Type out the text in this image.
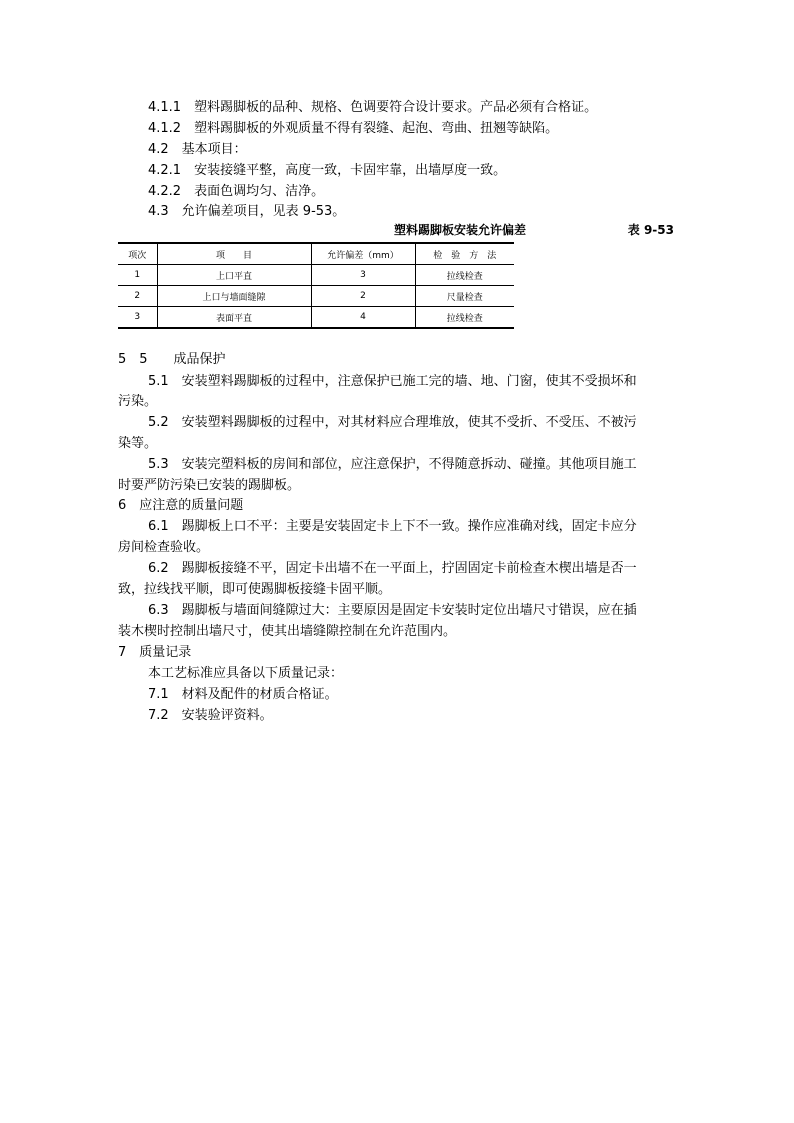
4.1.1　塑料踢脚板的品种、规格、色调要符合设计要求。产品必须有合格证。
4.1.2　塑料踢脚板的外观质量不得有裂缝、起泡、弯曲、扭翘等缺陷。
4.2　基本项目：
4.2.1　安装接缝平整，高度一致，卡固牢靠，出墙厚度一致。
4.2.2　表面色调均匀、洁净。
4.3　允许偏差项目，见表 9-53。
塑料踢脚板安装允许偏差	表 9-53
项次	项　　目	允许偏差（mm）	检　验　方　法
1	上口平直	3	拉线检查
2	上口与墙面缝隙	2	尺量检查
3	表面平直	4	拉线检查
5　5　　成品保护
5.1　安装塑料踢脚板的过程中，注意保护已施工完的墙、地、门窗，使其不受损坏和
污染。
5.2　安装塑料踢脚板的过程中，对其材料应合理堆放，使其不受折、不受压、不被污
染等。
5.3　安装完塑料板的房间和部位，应注意保护，不得随意拆动、碰撞。其他项目施工
时要严防污染已安装的踢脚板。
6　应注意的质量问题
6.1　踢脚板上口不平：主要是安装固定卡上下不一致。操作应准确对线，固定卡应分
房间检查验收。
6.2　踢脚板接缝不平，固定卡出墙不在一平面上，拧固固定卡前检查木楔出墙是否一
致，拉线找平顺，即可使踢脚板接缝卡固平顺。
6.3　踢脚板与墙面间缝隙过大：主要原因是固定卡安装时定位出墙尺寸错误，应在插
装木楔时控制出墙尺寸，使其出墙缝隙控制在允许范围内。
7　质量记录
本工艺标准应具备以下质量记录：
7.1　材料及配件的材质合格证。
7.2　安装验评资料。
